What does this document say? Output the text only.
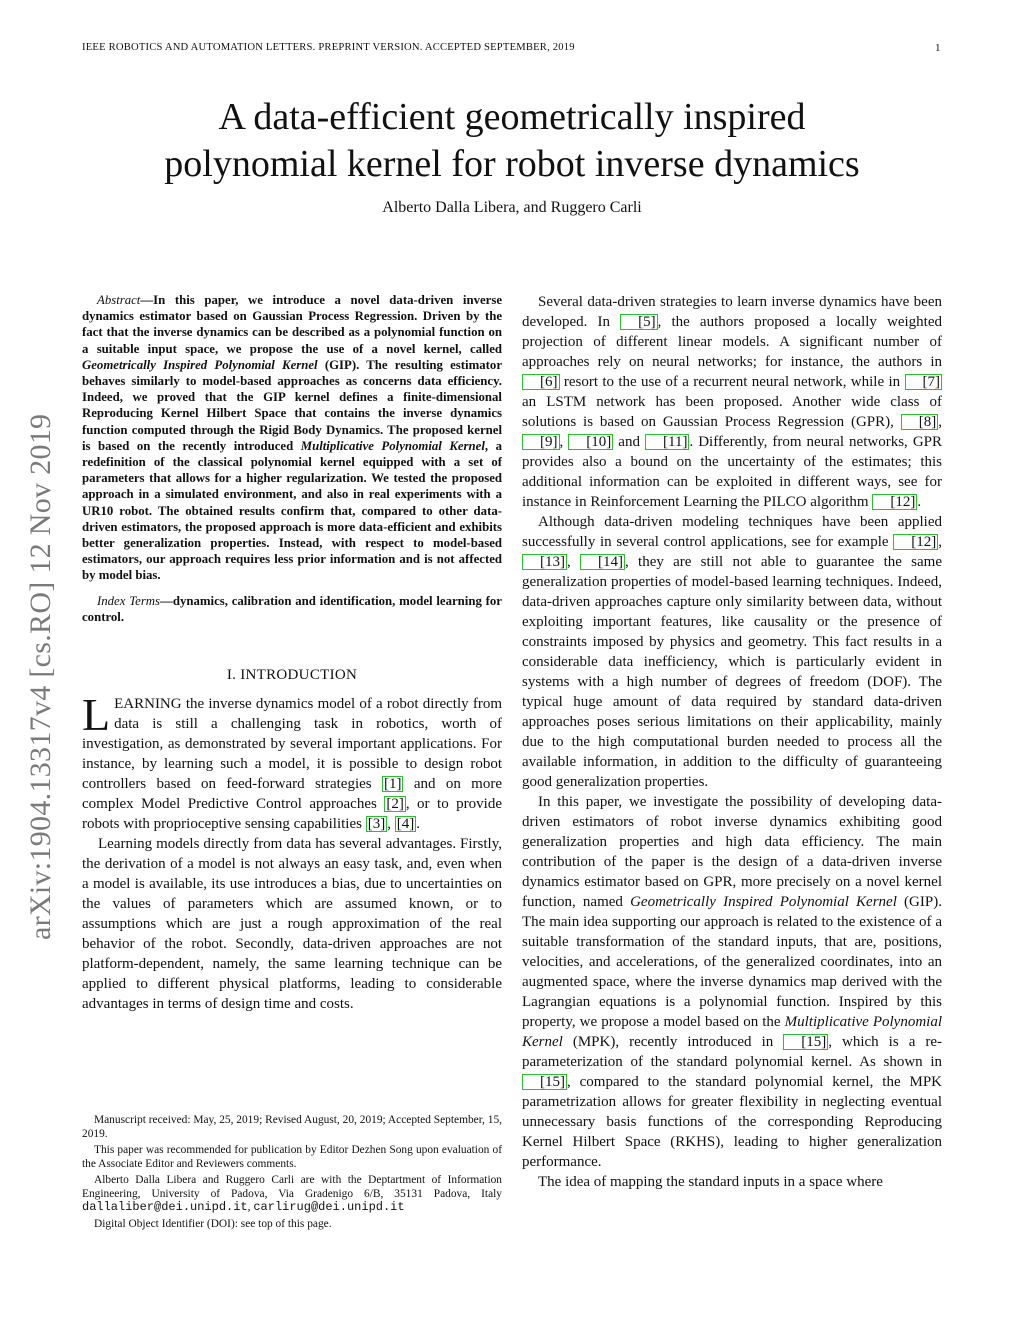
IEEE ROBOTICS AND AUTOMATION LETTERS. PREPRINT VERSION. ACCEPTED SEPTEMBER, 2019	1
A data-efficient geometrically inspired
polynomial kernel for robot inverse dynamics
Alberto Dalla Libera, and Ruggero Carli
arXiv:1904.13317v4 [cs.RO] 12 Nov 2019

Abstract—In this paper, we introduce a novel data-driven inverse dynamics estimator based on Gaussian Process Regression. Driven by the fact that the inverse dynamics can be described as a polynomial function on a suitable input space, we propose the use of a novel kernel, called Geometrically Inspired Polynomial Kernel (GIP). The resulting estimator behaves similarly to model-based approaches as concerns data efficiency. Indeed, we proved that the GIP kernel defines a finite-dimensional Reproducing Kernel Hilbert Space that contains the inverse dynamics function computed through the Rigid Body Dynamics. The proposed kernel is based on the recently introduced Multiplicative Polynomial Kernel, a redefinition of the classical polynomial kernel equipped with a set of parameters that allows for a higher regularization. We tested the proposed approach in a simulated environment, and also in real experiments with a UR10 robot. The obtained results confirm that, compared to other data-driven estimators, the proposed approach is more data-efficient and exhibits better generalization properties. Instead, with respect to model-based estimators, our approach requires less prior information and is not affected by model bias.

Index Terms—dynamics, calibration and identification, model learning for control.

I. INTRODUCTION

LEARNING the inverse dynamics model of a robot directly from data is still a challenging task in robotics, worth of investigation, as demonstrated by several important applications. For instance, by learning such a model, it is possible to design robot controllers based on feed-forward strategies [1] and on more complex Model Predictive Control approaches [2] , or to provide robots with proprioceptive sensing capabilities [3] , [4] .

Learning models directly from data has several advantages. Firstly, the derivation of a model is not always an easy task, and, even when a model is available, its use introduces a bias, due to uncertainties on the values of parameters which are assumed known, or to assumptions which are just a rough approximation of the real behavior of the robot. Secondly, data-driven approaches are not platform-dependent, namely, the same learning technique can be applied to different physical platforms, leading to considerable advantages in terms of design time and costs.

Manuscript received: May, 25, 2019; Revised August, 20, 2019; Accepted September, 15, 2019.

This paper was recommended for publication by Editor Dezhen Song upon evaluation of the Associate Editor and Reviewers comments.

Alberto Dalla Libera and Ruggero Carli are with the Deptartment of Information Engineering, University of Padova, Via Gradenigo 6/B, 35131 Padova, Italy dallaliber@dei.unipd.it, carlirug@dei.unipd.it

Digital Object Identifier (DOI): see top of this page.

Several data-driven strategies to learn inverse dynamics have been developed. In [5] , the authors proposed a locally weighted projection of different linear models. A significant number of approaches rely on neural networks; for instance, the authors in [6] resort to the use of a recurrent neural network, while in [7] an LSTM network has been proposed. Another wide class of solutions is based on Gaussian Process Regression (GPR), [8] , [9] , [10] and [11] . Differently, from neural networks, GPR provides also a bound on the uncertainty of the estimates; this additional information can be exploited in different ways, see for instance in Reinforcement Learning the PILCO algorithm [12] .

Although data-driven modeling techniques have been applied successfully in several control applications, see for example [12] , [13] , [14] , they are still not able to guarantee the same generalization properties of model-based learning techniques. Indeed, data-driven approaches capture only similarity between data, without exploiting important features, like causality or the presence of constraints imposed by physics and geometry. This fact results in a considerable data inefficiency, which is particularly evident in systems with a high number of degrees of freedom (DOF). The typical huge amount of data required by standard data-driven approaches poses serious limitations on their applicability, mainly due to the high computational burden needed to process all the available information, in addition to the difficulty of guaranteeing good generalization properties.

In this paper, we investigate the possibility of developing data-driven estimators of robot inverse dynamics exhibiting good generalization properties and high data efficiency. The main contribution of the paper is the design of a data-driven inverse dynamics estimator based on GPR, more precisely on a novel kernel function, named Geometrically Inspired Polynomial Kernel (GIP). The main idea supporting our approach is related to the existence of a suitable transformation of the standard inputs, that are, positions, velocities, and accelerations, of the generalized coordinates, into an augmented space, where the inverse dynamics map derived with the Lagrangian equations is a polynomial function. Inspired by this property, we propose a model based on the Multiplicative Polynomial Kernel (MPK), recently introduced in [15] , which is a re-parameterization of the standard polynomial kernel. As shown in [15] , compared to the standard polynomial kernel, the MPK parametrization allows for greater flexibility in neglecting eventual unnecessary basis functions of the corresponding Reproducing Kernel Hilbert Space (RKHS), leading to higher generalization performance.

The idea of mapping the standard inputs in a space where
